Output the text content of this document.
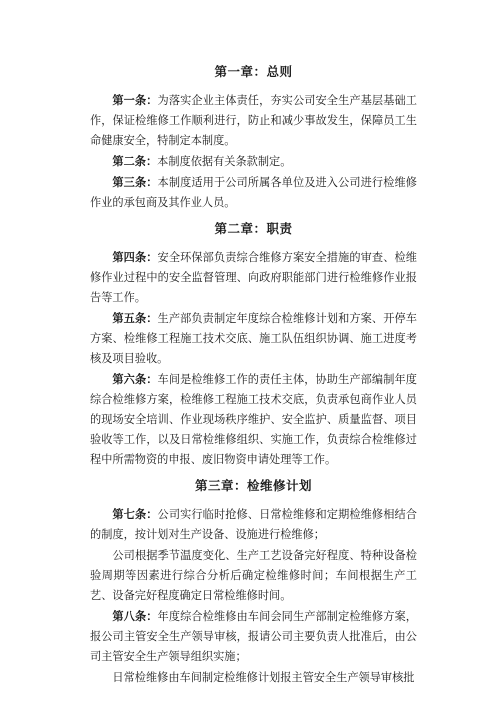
第一章：总则

第一条：为落实企业主体责任，夯实公司安全生产基层基础工作，保证检维修工作顺利进行，防止和减少事故发生，保障员工生命健康安全，特制定本制度。

第二条：本制度依据有关条款制定。

第三条：本制度适用于公司所属各单位及进入公司进行检维修作业的承包商及其作业人员。

第二章：职责

第四条：安全环保部负责综合维修方案安全措施的审查、检维修作业过程中的安全监督管理、向政府职能部门进行检维修作业报告等工作。

第五条：生产部负责制定年度综合检维修计划和方案、开停车方案、检维修工程施工技术交底、施工队伍组织协调、施工进度考核及项目验收。

第六条：车间是检维修工作的责任主体，协助生产部编制年度综合检维修方案，检维修工程施工技术交底，负责承包商作业人员的现场安全培训、作业现场秩序维护、安全监护、质量监督、项目验收等工作，以及日常检维修组织、实施工作，负责综合检维修过程中所需物资的申报、废旧物资申请处理等工作。

第三章：检维修计划

第七条：公司实行临时抢修、日常检维修和定期检维修相结合的制度，按计划对生产设备、设施进行检维修；

公司根据季节温度变化、生产工艺设备完好程度、特种设备检验周期等因素进行综合分析后确定检维修时间；车间根据生产工艺、设备完好程度确定日常检维修时间。

第八条：年度综合检维修由车间会同生产部制定检维修方案，报公司主管安全生产领导审核，报请公司主要负责人批准后，由公司主管安全生产领导组织实施；

日常检维修由车间制定检维修计划报主管安全生产领导审核批
